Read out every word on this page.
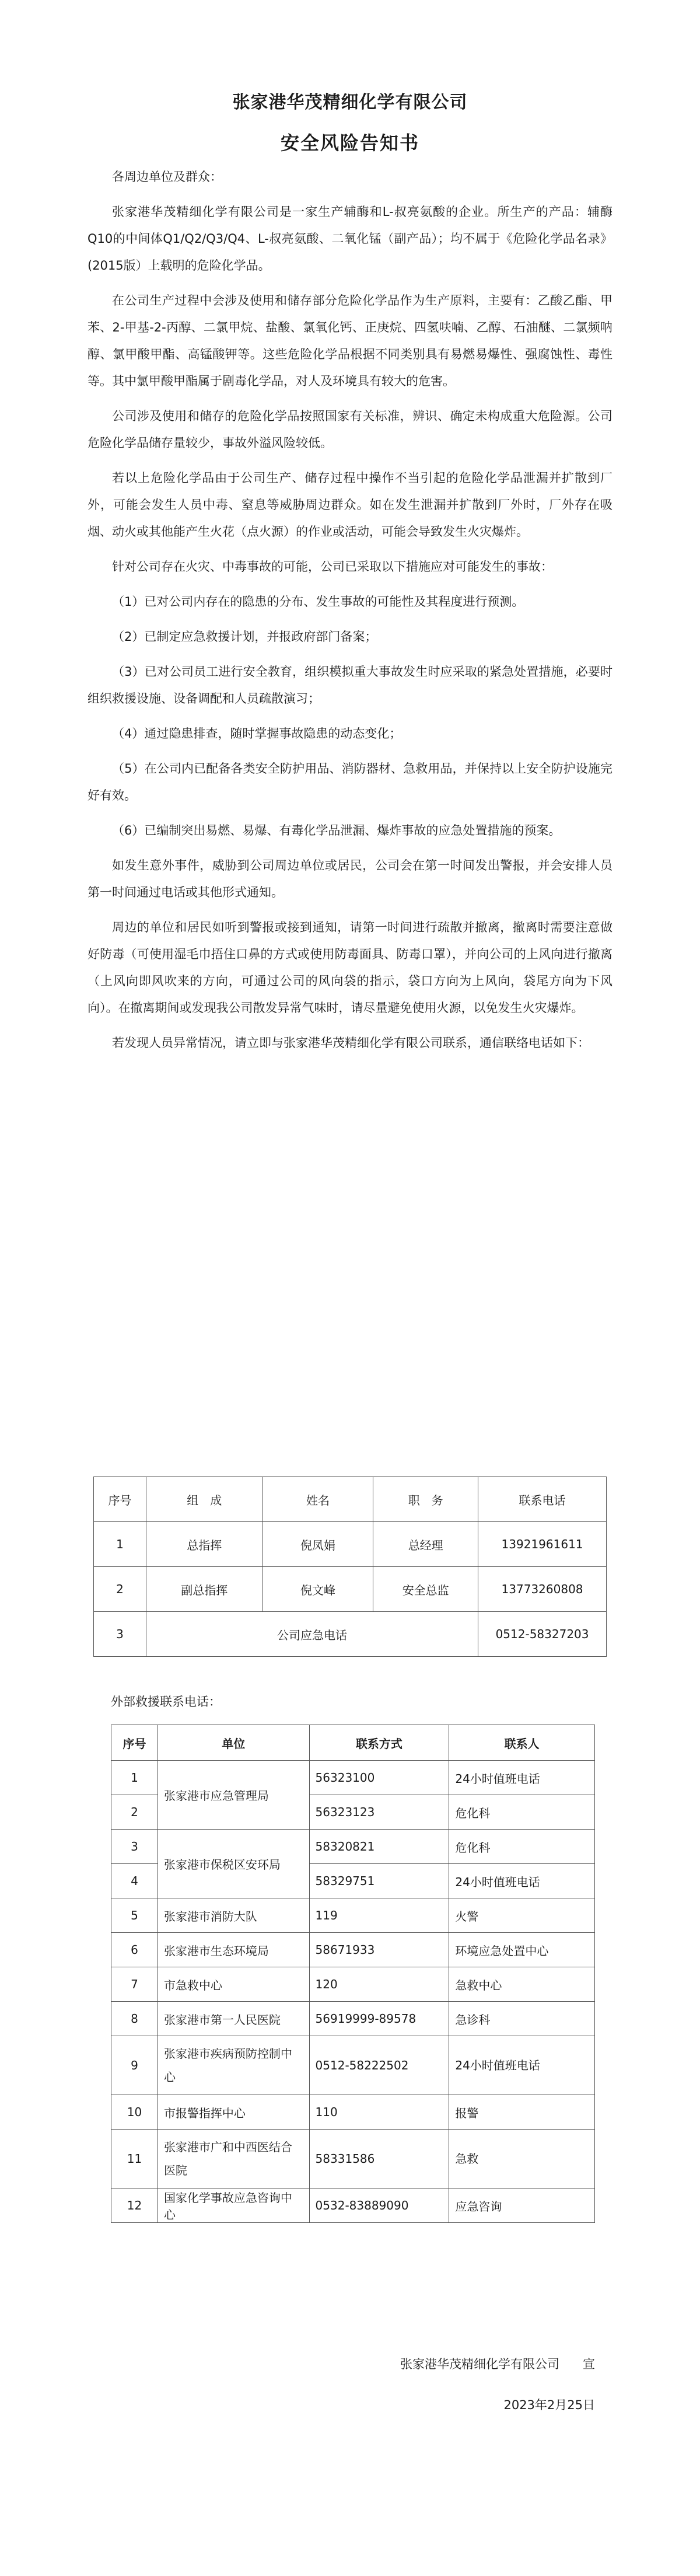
张家港华茂精细化学有限公司
安全风险告知书

各周边单位及群众：

张家港华茂精细化学有限公司是一家生产辅酶和L-叔亮氨酸的企业。所生产的产品：辅酶Q10的中间体Q1/Q2/Q3/Q4、L-叔亮氨酸、二氧化锰（副产品）；均不属于《危险化学品名录》(2015版）上载明的危险化学品。

在公司生产过程中会涉及使用和储存部分危险化学品作为生产原料，主要有：乙酸乙酯、甲苯、2-甲基-2-丙醇、二氯甲烷、盐酸、氯氧化钙、正庚烷、四氢呋喃、乙醇、石油醚、二氯频呐醇、氯甲酸甲酯、高锰酸钾等。这些危险化学品根据不同类别具有易燃易爆性、强腐蚀性、毒性等。其中氯甲酸甲酯属于剧毒化学品，对人及环境具有较大的危害。

公司涉及使用和储存的危险化学品按照国家有关标准，辨识、确定未构成重大危险源。公司危险化学品储存量较少，事故外溢风险较低。

若以上危险化学品由于公司生产、储存过程中操作不当引起的危险化学品泄漏并扩散到厂外，可能会发生人员中毒、窒息等威胁周边群众。如在发生泄漏并扩散到厂外时，厂外存在吸烟、动火或其他能产生火花（点火源）的作业或活动，可能会导致发生火灾爆炸。

针对公司存在火灾、中毒事故的可能，公司已采取以下措施应对可能发生的事故：

（1）已对公司内存在的隐患的分布、发生事故的可能性及其程度进行预测。

（2）已制定应急救援计划，并报政府部门备案；

（3）已对公司员工进行安全教育，组织模拟重大事故发生时应采取的紧急处置措施，必要时组织救援设施、设备调配和人员疏散演习；

（4）通过隐患排查，随时掌握事故隐患的动态变化；

（5）在公司内已配备各类安全防护用品、消防器材、急救用品，并保持以上安全防护设施完好有效。

（6）已编制突出易燃、易爆、有毒化学品泄漏、爆炸事故的应急处置措施的预案。

如发生意外事件，威胁到公司周边单位或居民，公司会在第一时间发出警报，并会安排人员第一时间通过电话或其他形式通知。

周边的单位和居民如听到警报或接到通知，请第一时间进行疏散并撤离，撤离时需要注意做好防毒（可使用湿毛巾捂住口鼻的方式或使用防毒面具、防毒口罩），并向公司的上风向进行撤离（上风向即风吹来的方向，可通过公司的风向袋的指示，袋口方向为上风向，袋尾方向为下风向）。在撤离期间或发现我公司散发异常气味时，请尽量避免使用火源，以免发生火灾爆炸。

若发现人员异常情况，请立即与张家港华茂精细化学有限公司联系，通信联络电话如下：

序号	组　成	姓名	职　务	联系电话
1	总指挥	倪凤娟	总经理	13921961611
2	副总指挥	倪文峰	安全总监	13773260808
3	公司应急电话			0512-58327203
外部救援联系电话：
序号	单位	联系方式	联系人
1	张家港市应急管理局	56323100	24小时值班电话
2		56323123	危化科
3	张家港市保税区安环局	58320821	危化科
4		58329751	24小时值班电话
5	张家港市消防大队	119	火警
6	张家港市生态环境局	58671933	环境应急处置中心
7	市急救中心	120	急救中心
8	张家港市第一人民医院	56919999-89578	急诊科
9	张家港市疾病预防控制中心	0512-58222502	24小时值班电话
10	市报警指挥中心	110	报警
11	张家港市广和中西医结合医院	58331586	急救
12	国家化学事故应急咨询中心	0532-83889090	应急咨询
张家港华茂精细化学有限公司 宣
2023年2月25日
